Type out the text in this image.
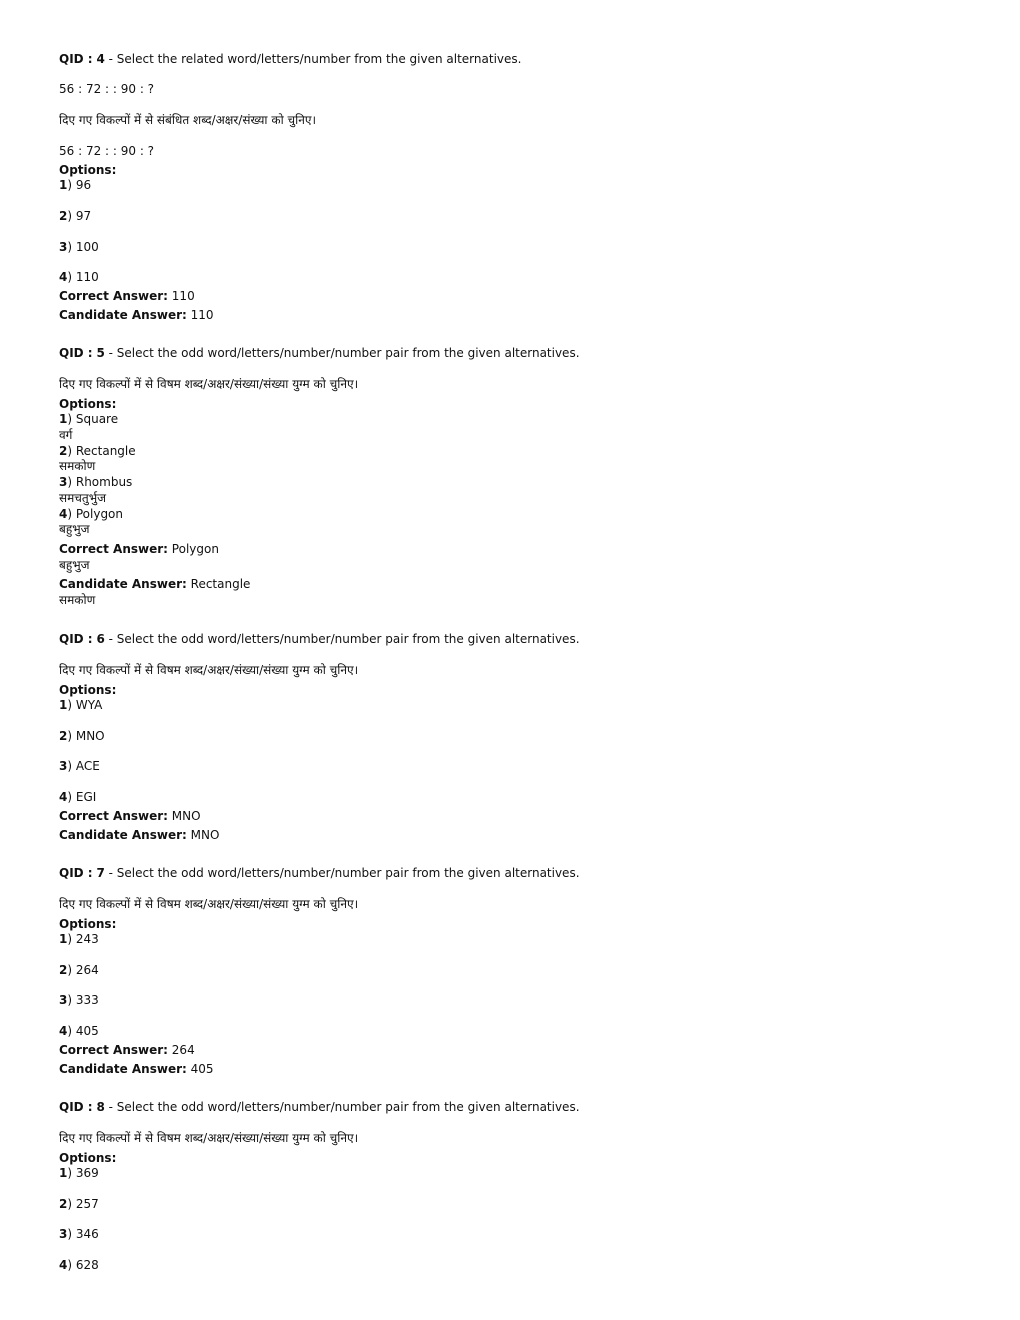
QID : 4 - Select the related word/letters/number from the given alternatives.
56 : 72 : : 90 : ?
दिए गए विकल्पों में से संबंधित शब्द/अक्षर/संख्या को चुनिए।
56 : 72 : : 90 : ?
Options:
1) 96
2) 97
3) 100
4) 110
Correct Answer: 110
Candidate Answer: 110
QID : 5 - Select the odd word/letters/number/number pair from the given alternatives.
दिए गए विकल्पों में से विषम शब्द/अक्षर/संख्या/संख्या युग्म को चुनिए।
Options:
1) Square
वर्ग
2) Rectangle
समकोण
3) Rhombus
समचतुर्भुज
4) Polygon
बहुभुज
Correct Answer: Polygon
बहुभुज
Candidate Answer: Rectangle
समकोण
QID : 6 - Select the odd word/letters/number/number pair from the given alternatives.
दिए गए विकल्पों में से विषम शब्द/अक्षर/संख्या/संख्या युग्म को चुनिए।
Options:
1) WYA
2) MNO
3) ACE
4) EGI
Correct Answer: MNO
Candidate Answer: MNO
QID : 7 - Select the odd word/letters/number/number pair from the given alternatives.
दिए गए विकल्पों में से विषम शब्द/अक्षर/संख्या/संख्या युग्म को चुनिए।
Options:
1) 243
2) 264
3) 333
4) 405
Correct Answer: 264
Candidate Answer: 405
QID : 8 - Select the odd word/letters/number/number pair from the given alternatives.
दिए गए विकल्पों में से विषम शब्द/अक्षर/संख्या/संख्या युग्म को चुनिए।
Options:
1) 369
2) 257
3) 346
4) 628
